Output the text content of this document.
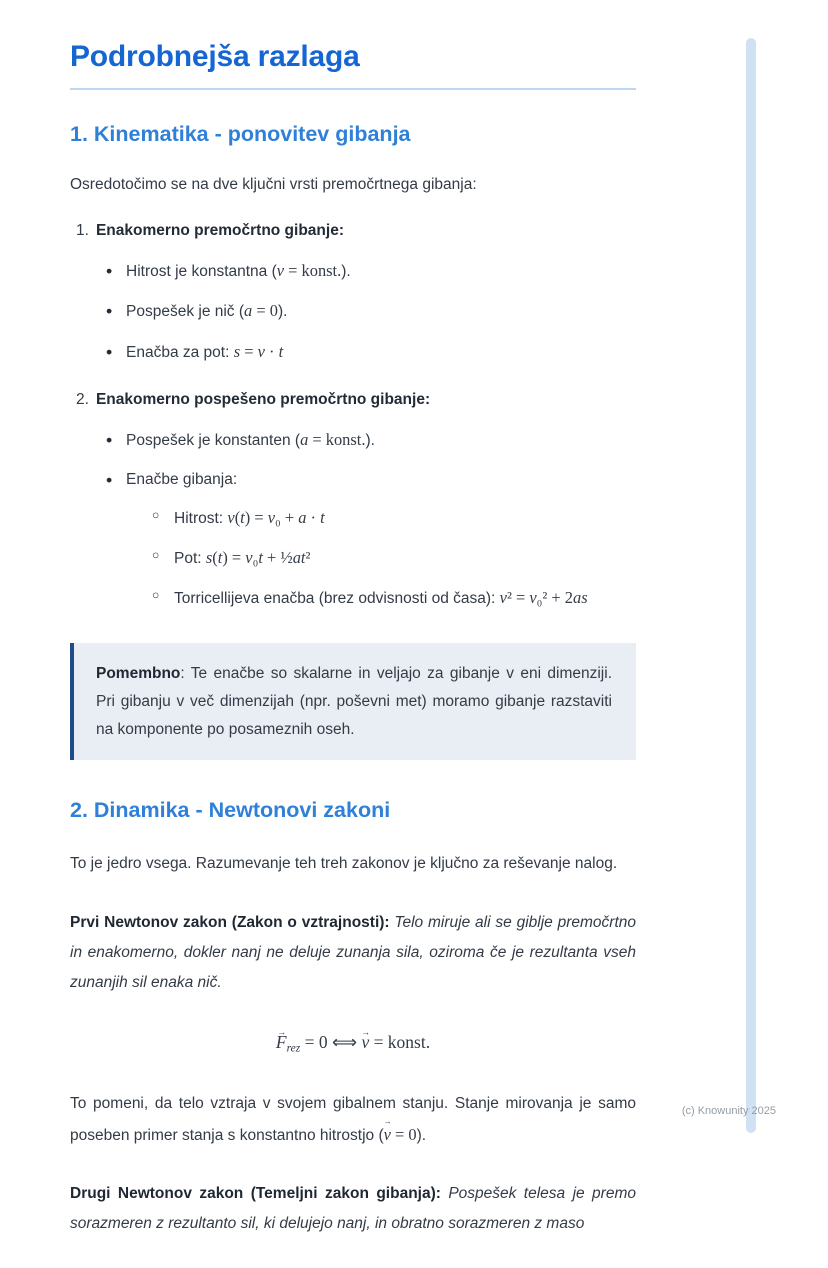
Podrobnejša razlaga
1. Kinematika - ponovitev gibanja

Osredotočimo se na dve ključni vrsti premočrtnega gibanja:

1. Enakomerno premočrtno gibanje:
• Hitrost je konstantna (v = konst.).
• Pospešek je nič (a = 0).
• Enačba za pot: s = v · t
2. Enakomerno pospešeno premočrtno gibanje:
• Pospešek je konstanten (a = konst.).
• Enačbe gibanja:
○ Hitrost: v(t) = v₀ + a · t
○ Pot: s(t) = v₀t + ½at²
○ Torricellijeva enačba (brez odvisnosti od časa): v² = v₀² + 2as

Pomembno: Te enačbe so skalarne in veljajo za gibanje v eni dimenziji. Pri gibanju v več dimenzijah (npr. poševni met) moramo gibanje razstaviti na komponente po posameznih oseh.

2. Dinamika - Newtonovi zakoni

To je jedro vsega. Razumevanje teh treh zakonov je ključno za reševanje nalog.

Prvi Newtonov zakon (Zakon o vztrajnosti): Telo miruje ali se giblje premočrtno in enakomerno, dokler nanj ne deluje zunanja sila, oziroma če je rezultanta vseh zunanjih sil enaka nič.

$F \to_{rez} = 0$ ⟺ v → = konst.

To pomeni, da telo vztraja v svojem gibalnem stanju. Stanje mirovanja je samo poseben primer stanja s konstantno hitrostjo (v → = 0).

Drugi Newtonov zakon (Temeljni zakon gibanja): Pospešek telesa je premo sorazmeren z rezultanto sil, ki delujejo nanj, in obratno sorazmeren z maso

(c) Knowunity 2025
